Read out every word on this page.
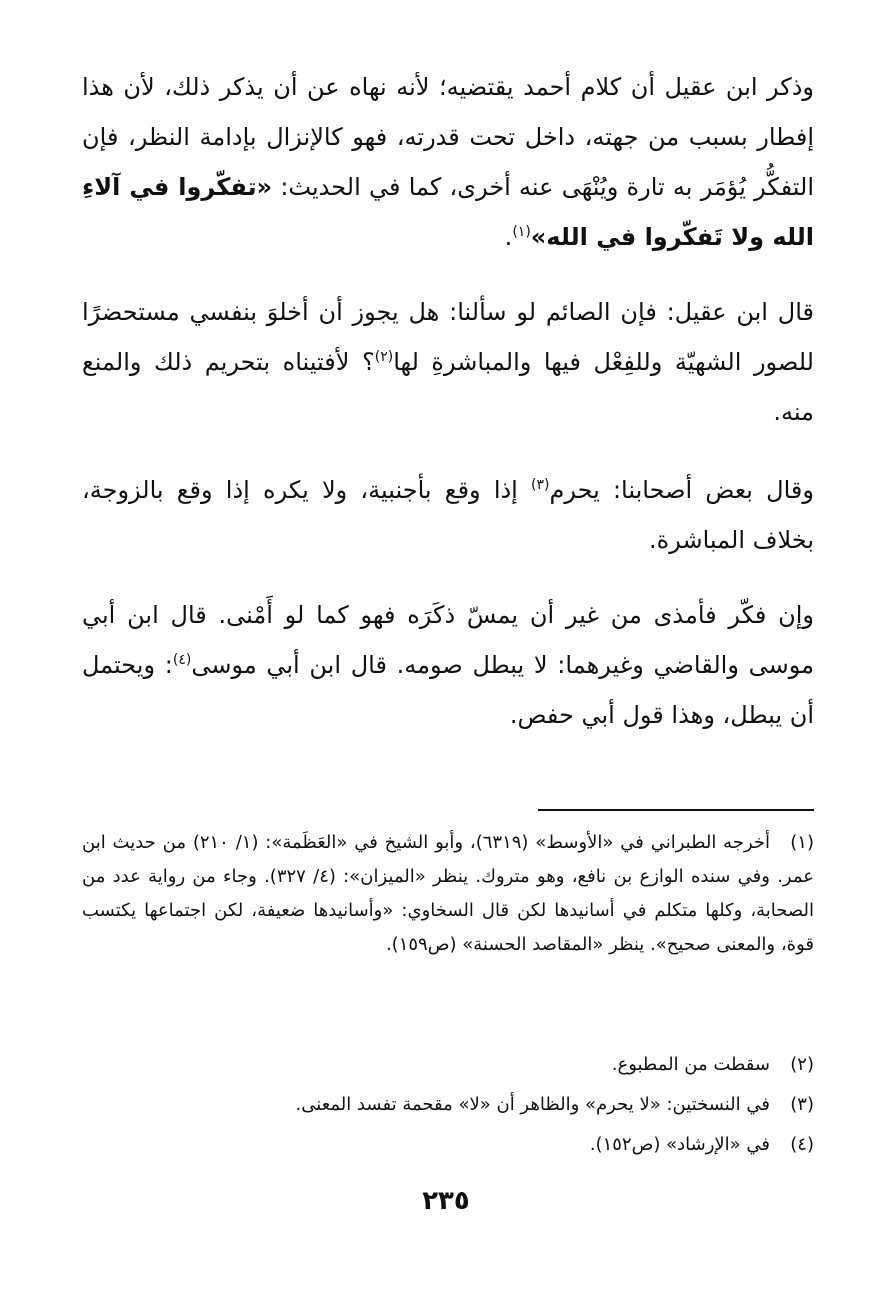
وذكر ابن عقيل أن كلام أحمد يقتضيه؛ لأنه نهاه عن أن يذكر ذلك، لأن هذا إفطار بسبب من جهته، داخل تحت قدرته، فهو كالإنزال بإدامة النظر، فإن التفكُّر يُؤمَر به تارة ويُنْهَى عنه أخرى، كما في الحديث: «تفكّروا في آلاءِ الله ولا تَفكّروا في الله»$^{(١)}$.

قال ابن عقيل: فإن الصائم لو سألنا: هل يجوز أن أخلوَ بنفسي مستحضرًا للصور الشهيّة وللفِعْل فيها والمباشرةِ لها$^{(٢)}$؟ لأفتيناه بتحريم ذلك والمنع منه.

وقال بعض أصحابنا: يحرم$^{(٣)}$ إذا وقع بأجنبية، ولا يكره إذا وقع بالزوجة، بخلاف المباشرة.

وإن فكّر فأمذى من غير أن يمسّ ذكَرَه فهو كما لو أَمْنى. قال ابن أبي موسى والقاضي وغيرهما: لا يبطل صومه. قال ابن أبي موسى$^{(٤)}$: ويحتمل أن يبطل، وهذا قول أبي حفص.

(١)أخرجه الطبراني في «الأوسط» (٦٣١٩)، وأبو الشيخ في «العَظَمة»: (١/ ٢١٠) من حديث ابن عمر. وفي سنده الوازع بن نافع، وهو متروك. ينظر «الميزان»: (٤/ ٣٢٧). وجاء من رواية عدد من الصحابة، وكلها متكلم في أسانيدها لكن قال السخاوي: «وأسانيدها ضعيفة، لكن اجتماعها يكتسب قوة، والمعنى صحيح». ينظر «المقاصد الحسنة» (ص١٥٩).

(٢)سقطت من المطبوع.

(٣)في النسختين: «لا يحرم» والظاهر أن «لا» مقحمة تفسد المعنى.

(٤)في «الإرشاد» (ص١٥٢).

٢٣٥
